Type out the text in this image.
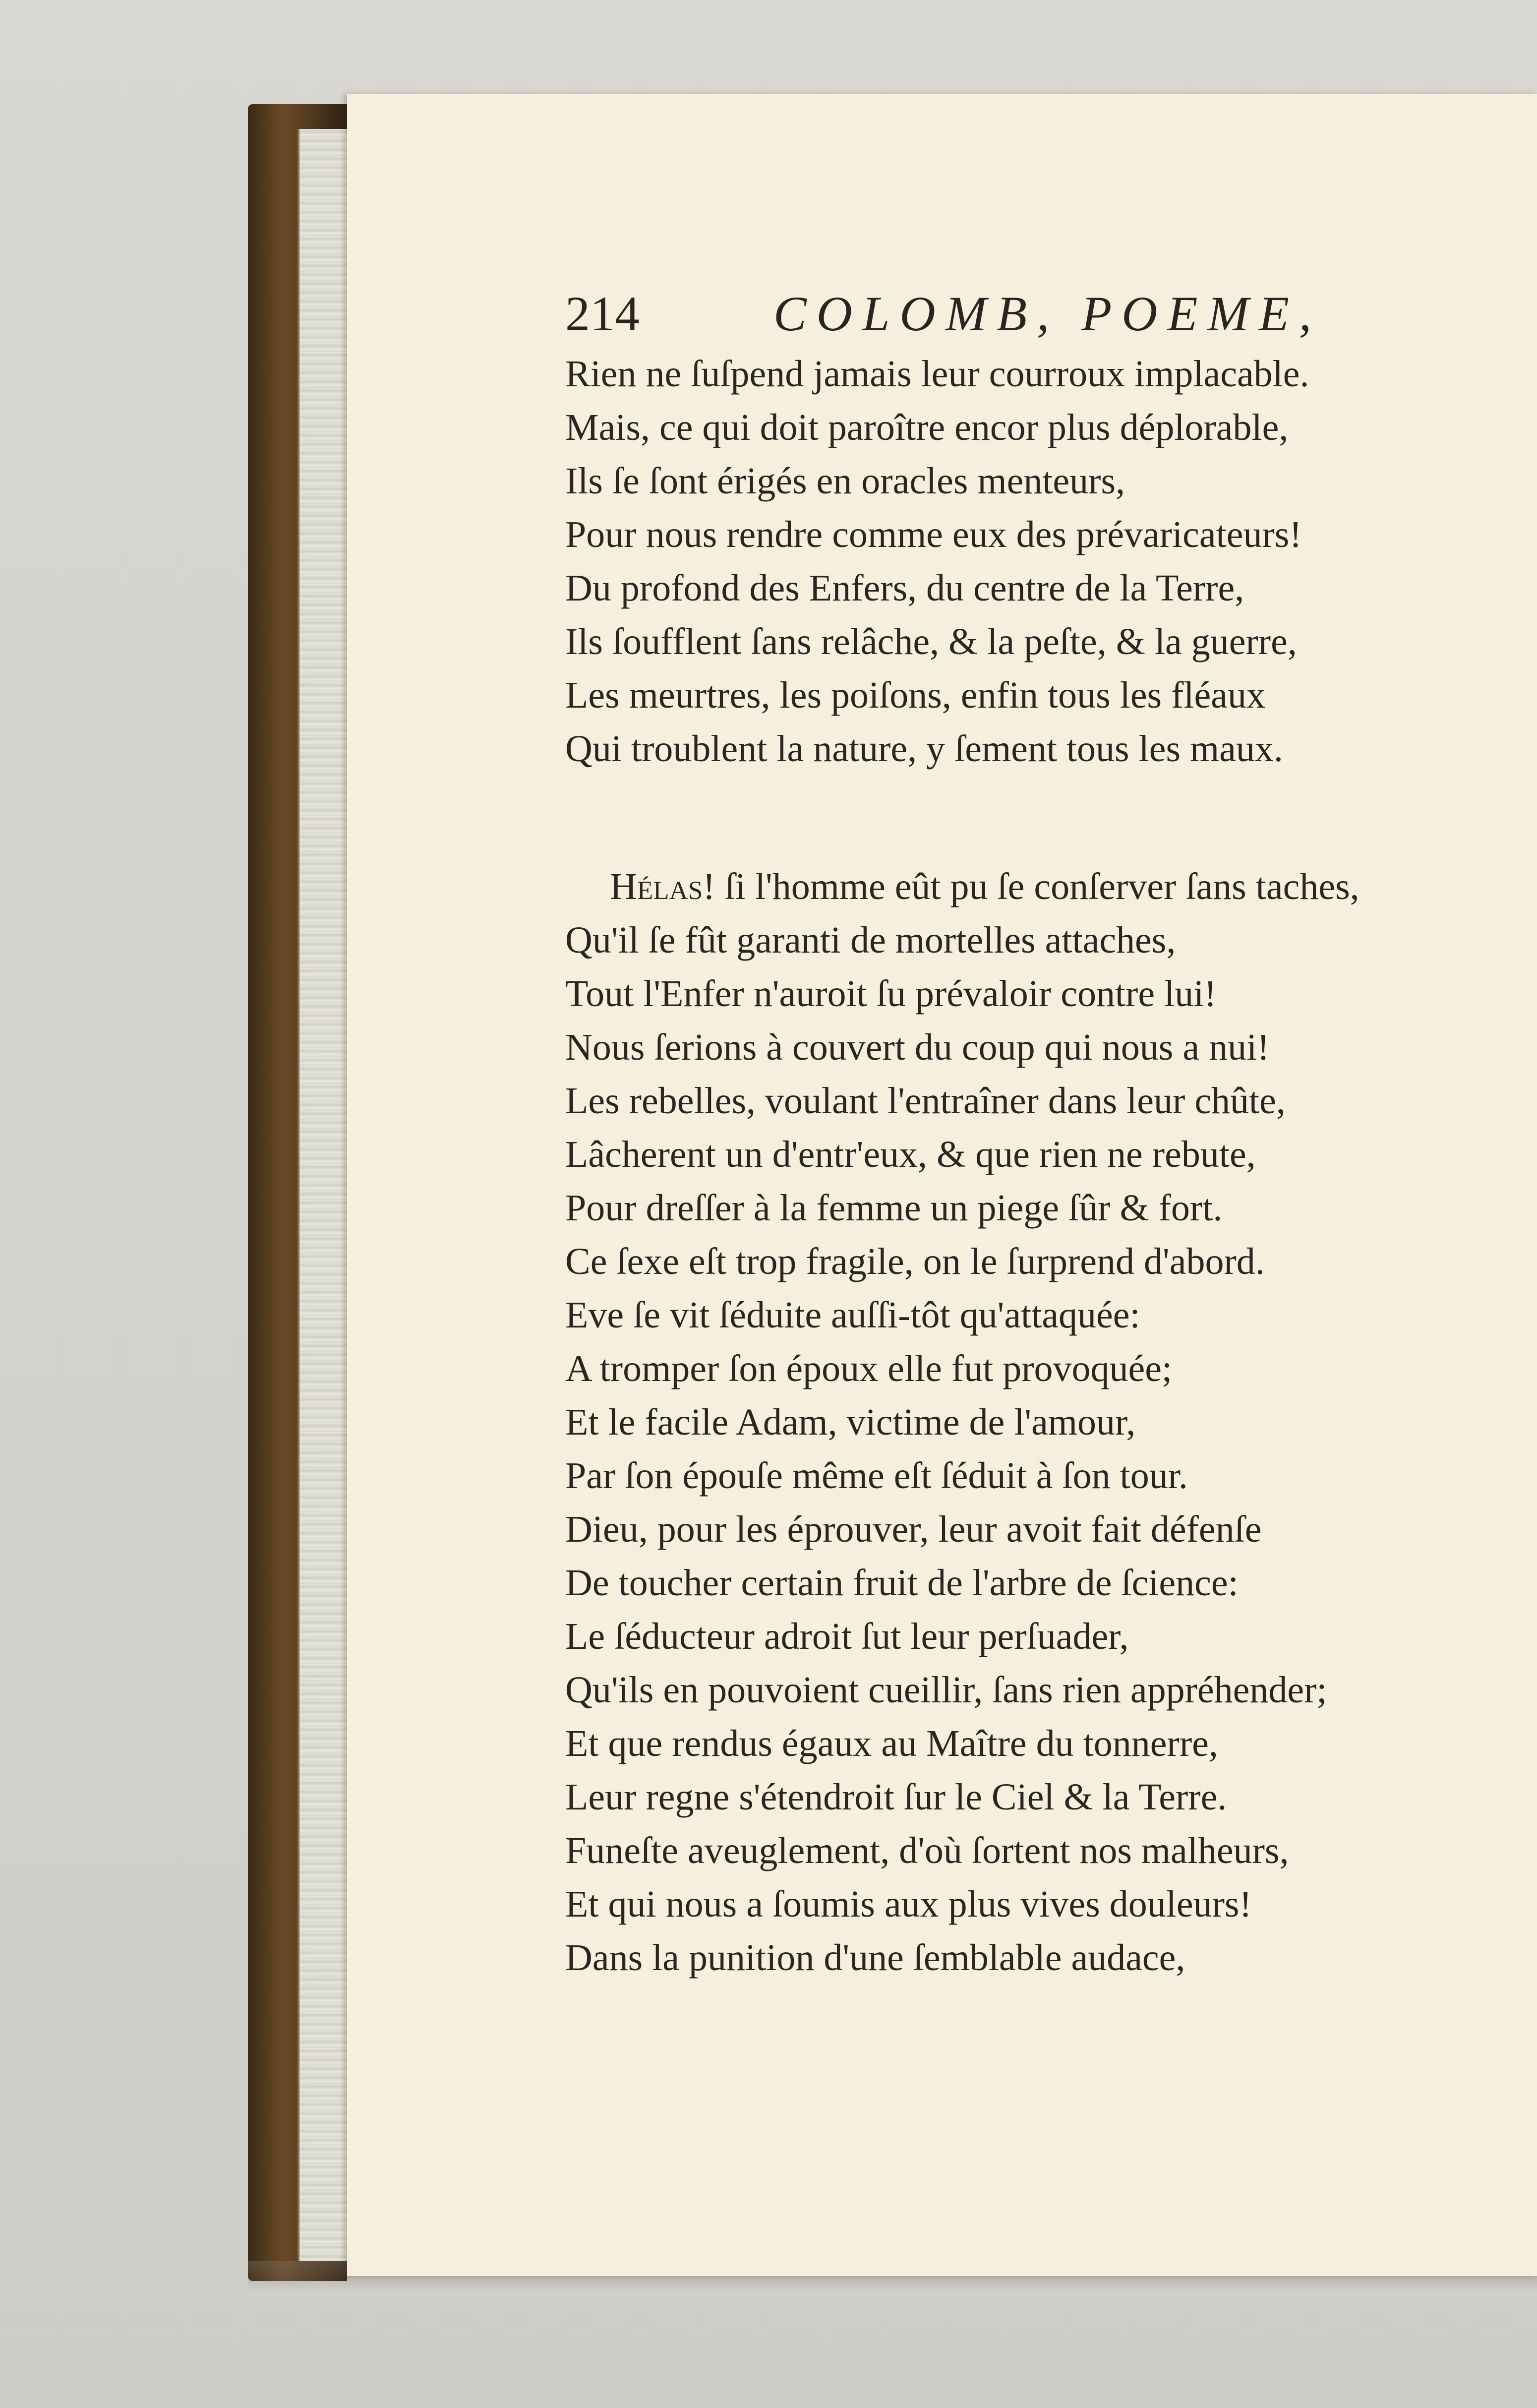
214	COLOMB, POEME,
Rien ne ſuſpend jamais leur courroux implacable.
Mais, ce qui doit paroître encor plus déplorable,
Ils ſe ſont érigés en oracles menteurs,
Pour nous rendre comme eux des prévaricateurs!
Du profond des Enfers, du centre de la Terre,
Ils ſoufflent ſans relâche, & la peſte, & la guerre,
Les meurtres, les poiſons, enfin tous les fléaux
Qui troublent la nature, y ſement tous les maux.
Hélas! ſi l'homme eût pu ſe conſerver ſans taches,
Qu'il ſe fût garanti de mortelles attaches,
Tout l'Enfer n'auroit ſu prévaloir contre lui!
Nous ſerions à couvert du coup qui nous a nui!
Les rebelles, voulant l'entraîner dans leur chûte,
Lâcherent un d'entr'eux, & que rien ne rebute,
Pour dreſſer à la femme un piege ſûr & fort.
Ce ſexe eſt trop fragile, on le ſurprend d'abord.
Eve ſe vit ſéduite auſſi-tôt qu'attaquée:
A tromper ſon époux elle fut provoquée;
Et le facile Adam, victime de l'amour,
Par ſon épouſe même eſt ſéduit à ſon tour.
Dieu, pour les éprouver, leur avoit fait défenſe
De toucher certain fruit de l'arbre de ſcience:
Le ſéducteur adroit ſut leur perſuader,
Qu'ils en pouvoient cueillir, ſans rien appréhender;
Et que rendus égaux au Maître du tonnerre,
Leur regne s'étendroit ſur le Ciel & la Terre.
Funeſte aveuglement, d'où ſortent nos malheurs,
Et qui nous a ſoumis aux plus vives douleurs!
Dans la punition d'une ſemblable audace,
